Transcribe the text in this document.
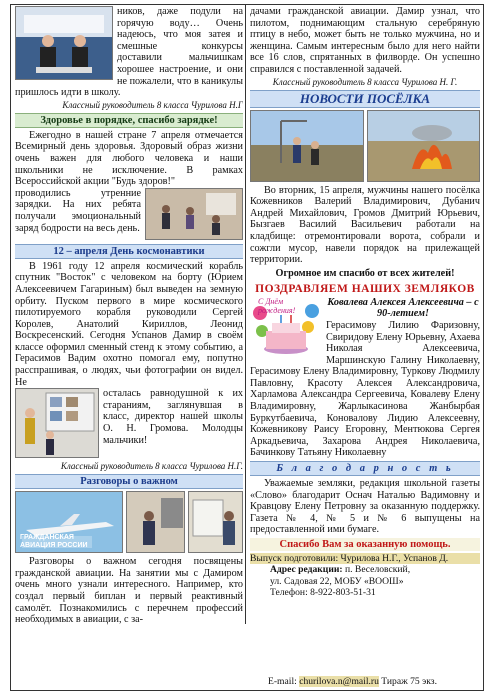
ников, даже подули на горячую воду… Очень надеюсь, что моя затея и смешные конкурсы доставили мальчишкам хорошее настроение, и они не пожалели, что в каникулы пришлось идти в школу.

Классный руководитель 8 класса Чурилова Н.Г
Здоровье в порядке, спасибо зарядке!

Ежегодно в нашей стране 7 апреля отмечается Всемирный день здоровья. Здоровый образ жизни очень важен для любого человека и наши школьники не исключение. В рамках Всероссийской акции "Будь здоров!"

проводились утренние зарядки. На них ребята получали эмоциональный заряд бодрости на весь день.

12 – апреля День космонавтики

В 1961 году 12 апреля космический корабль спутник "Восток" с человеком на борту (Юрием Алексеевичем Гагариным) был выведен на земную орбиту. Пуском первого в мире космического пилотируемого корабля руководили Сергей Королев, Анатолий Кириллов, Леонид Воскресенский. Сегодня Успанов Дамир в своём классе оформил сменный стенд к этому событию, а Герасимов Вадим охотно помогал ему, попутно расспрашивая, о людях, чьи фотографии он видел. Не

осталась равнодушной к их стараниям, заглянувшая в класс, директор нашей школы О. Н. Громова. Молодцы мальчики!

Классный руководитель 8 класса Чурилова Н.Г.
Разговоры о важном
ГРАЖДАНСКАЯ АВИАЦИЯ РОССИИ

Разговоры о важном сегодня посвящены гражданской авиации. На занятии мы с Дамиром очень много узнали интересного. Например, кто создал первый биплан и первый реактивный самолёт. Познакомились с перечнем профессий необходимых в авиации, с за-

дачами гражданской авиации. Дамир узнал, что пилотом, поднимающим стальную серебряную птицу в небо, может быть не только мужчина, но и женщина. Самым интересным было для него найти все 16 слов, спрятанных в филворде. Он успешно справился с поставленной задачей.

Классный руководитель 8 класса Чурилова Н. Г.
НОВОСТИ ПОСЁЛКА

Во вторник, 15 апреля, мужчины нашего посёлка Кожевников Валерий Владимирович, Дубанич Андрей Михайлович, Громов Дмитрий Юрьевич, Бызгаев Василий Васильевич работали на кладбище: отремонтировали ворота, собрали и сожгли мусор, навели порядок на прилежащей территории.

Огромное им спасибо от всех жителей!
ПОЗДРАВЛЯЕМ НАШИХ ЗЕМЛЯКОВ
С Днём рождения!

Ковалева Алексея Алексеевича – с 90-летием!

Герасимову Лилию Фаризовну, Свиридову Елену Юрьевну, Ахаева Николая Алексеевича, Маршинскую Галину Николаевну, Герасимову Елену Владимировну, Туркову Людмилу Павловну, Красоту Алексея Александровича, Харламова Александра Сергеевича, Ковалеву Елену Владимировну, Жарлыкасинова Жанбырбая Буркутбаевича, Коновалову Лидию Алексеевну, Кожевникову Раису Егоровну, Ментюкова Сергея Аркадьевича, Захарова Андрея Николаевича, Бачинкову Татьяну Николаевну

Б л а г о д а р н о с т ь

Уважаемые земляки, редакция школьной газеты «Слово» благодарит Оснач Наталью Вадимовну и Кравцову Елену Петровну за оказанную поддержку. Газета № 4, № 5 и № 6 выпущены на предоставленной ими бумаге.

Спасибо Вам за оказанную помощь.
Выпуск подготовили: Чурилова Н.Г., Успанов Д.
Адрес редакции: п. Веселовский,
ул. Садовая 22, МОБУ «ВООШ»
Телефон: 8-922-803-51-31
E-mail: churilova.n@mail.ru Тираж 75 экз.
